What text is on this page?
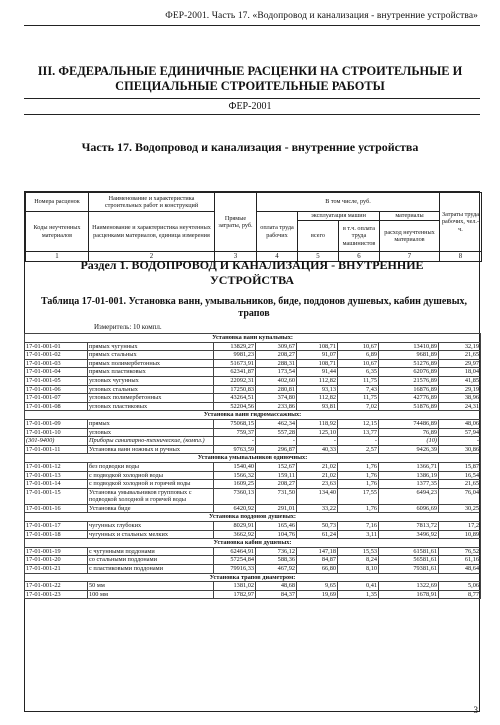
ФЕР-2001. Часть 17. «Водопровод и канализация - внутренние устройства»
III. ФЕДЕРАЛЬНЫЕ ЕДИНИЧНЫЕ РАСЦЕНКИ НА СТРОИТЕЛЬНЫЕ И
СПЕЦИАЛЬНЫЕ СТРОИТЕЛЬНЫЕ РАБОТЫ
ФЕР-2001
Часть 17. Водопровод и канализация - внутренние устройства
Номера расценок	Наименование и характеристика строительных работ и конструкций	Прямые затраты, руб.	В том числе, руб.				Затраты труда рабочих, чел.-ч.
Коды неучтенных материалов	Наименование и характеристика неучтенных расценками материалов, единица измерения		оплата труда рабочих	эксплуатация машин		материалы	
				всего	в т.ч. оплата труда машинистов	расход неучтенных материалов	
1	2	3	4	5	6	7	8
Раздел 1. ВОДОПРОВОД И КАНАЛИЗАЦИЯ - ВНУТРЕННИЕ
УСТРОЙСТВА
Таблица 17-01-001. Установка ванн, умывальников, биде, поддонов душевых, кабин душевых, трапов
Измеритель: 10 компл.
Установка ванн купальных:							
17-01-001-01	прямых чугунных	13829,27	309,67	108,71	10,67	13410,89	32,19
17-01-001-02	прямых стальных	9981,23	208,27	91,07	6,89	9681,89	21,65
17-01-001-03	прямых полимербетонных	51673,91	288,31	108,71	10,67	51276,89	29,97
17-01-001-04	прямых пластиковых	62341,87	173,54	91,44	6,35	62076,89	18,04
17-01-001-05	угловых чугунных	22092,31	402,60	112,82	11,75	21576,89	41,85
17-01-001-06	угловых стальных	17250,83	280,81	93,13	7,43	16876,89	29,19
17-01-001-07	угловых полимербетонных	43264,51	374,80	112,82	11,75	42776,89	38,96
17-01-001-08	угловых пластиковых	52204,56	233,86	93,81	7,02	51876,89	24,31
Установка ванн гидромассажных:							
17-01-001-09	прямых	75068,15	462,34	118,92	12,15	74486,89	48,06
17-01-001-10	угловых	759,37	557,28	125,10	13,77	76,89	57,94
(301-9400)	Приборы санитарно-технические, (компл.)	-	-	-	-	(10)	-
17-01-001-11	Установка ванн ножных и ручных	9763,59	296,87	40,33	2,57	9426,39	30,86
Установка умывальников одиночных:							
17-01-001-12	без подводки воды	1540,40	152,67	21,02	1,76	1366,71	15,87
17-01-001-13	с подводкой холодной воды	1566,32	159,11	21,02	1,76	1386,19	16,54
17-01-001-14	с подводкой холодной и горячей воды	1609,25	208,27	23,63	1,76	1377,35	21,65
17-01-001-15	Установка умывальников групповых с подводкой холодной и горячей воды	7360,13	731,50	134,40	17,55	6494,23	76,04
17-01-001-16	Установка биде	6420,92	291,01	33,22	1,76	6096,69	30,25
Установка поддонов душевых:							
17-01-001-17	чугунных глубоких	8029,91	165,46	50,73	7,16	7813,72	17,2
17-01-001-18	чугунных и стальных мелких	3662,92	104,76	61,24	3,11	3496,92	10,89
Установка кабин душевых:							
17-01-001-19	с чугунными поддонами	62464,91	736,12	147,18	15,53	61581,61	76,52
17-01-001-20	со стальными поддонами	57254,84	588,36	84,87	8,24	56581,61	61,16
17-01-001-21	с пластиковыми поддонами	79916,33	467,92	66,80	8,10	79381,61	48,64
Установка трапов диаметром:							
17-01-001-22	50 мм	1381,02	48,68	9,65	0,41	1322,69	5,06
17-01-001-23	100 мм	1782,97	84,37	19,69	1,35	1678,91	8,77
3
